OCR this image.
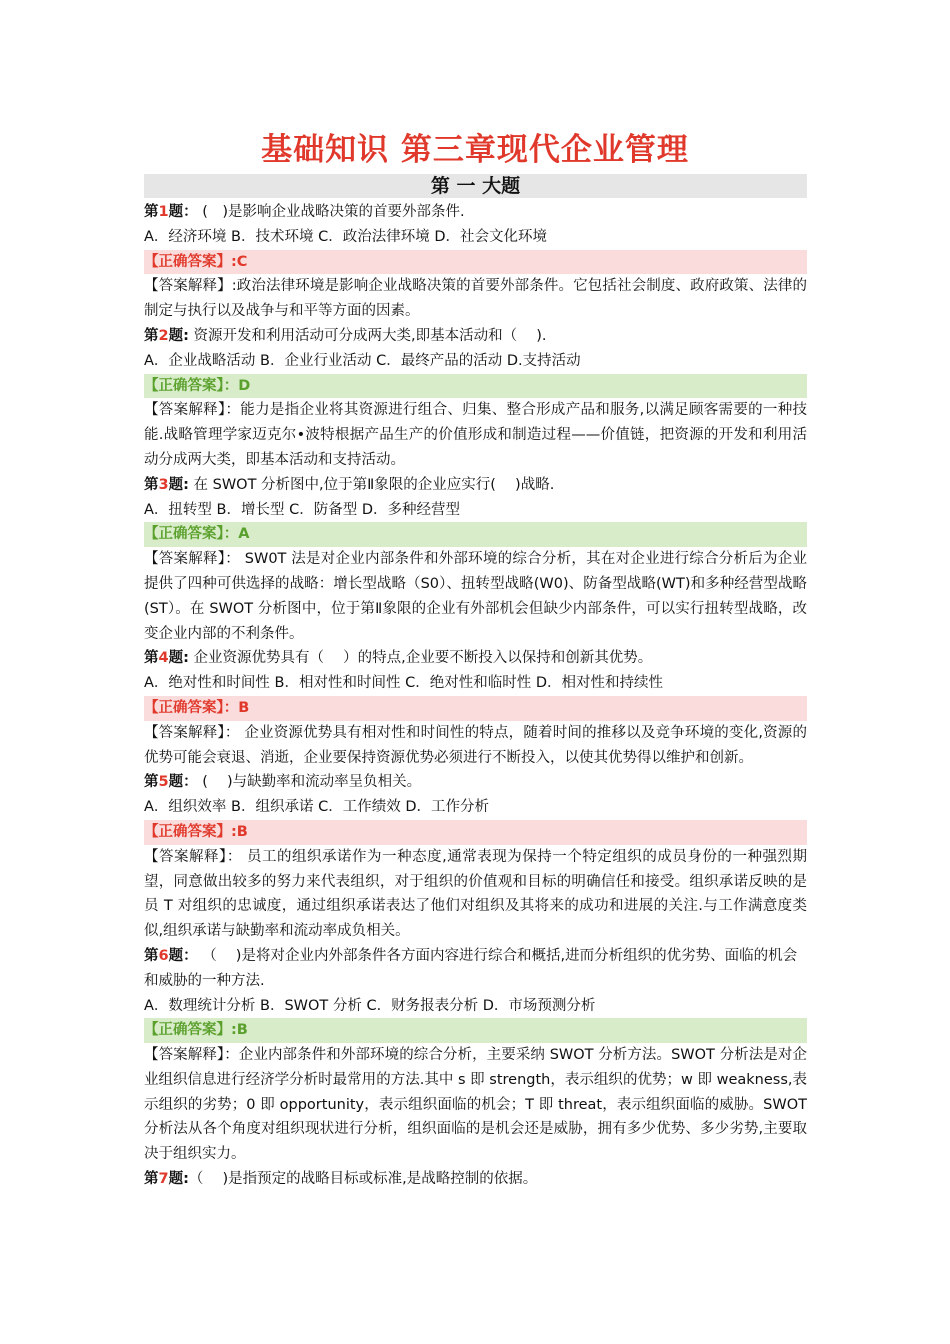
基础知识 第三章现代企业管理
第 一 大题
第1题： (　)是影响企业战略决策的首要外部条件.
A．经济环境 B．技术环境 C．政治法律环境 D．社会文化环境
【正确答案】:C
【答案解释】:政治法律环境是影响企业战略决策的首要外部条件。它包括社会制度、政府政策、法律的制定与执行以及战争与和平等方面的因素。
第2题: 资源开发和利用活动可分成两大类,即基本活动和（　 ).
A．企业战略活动 B．企业行业活动 C．最终产品的活动 D.支持活动
【正确答案】：D
【答案解释】：能力是指企业将其资源进行组合、归集、整合形成产品和服务,以满足顾客需要的一种技能.战略管理学家迈克尔•波特根据产品生产的价值形成和制造过程——价值链，把资源的开发和利用活动分成两大类，即基本活动和支持活动。
第3题: 在 SWOT 分析图中,位于第Ⅱ象限的企业应实行(　 )战略.
A．扭转型 B．增长型 C．防备型 D．多种经营型
【正确答案】：A
【答案解释】： SW0T 法是对企业内部条件和外部环境的综合分析，其在对企业进行综合分析后为企业提供了四种可供选择的战略：增长型战略（S0）、扭转型战略(W0)、防备型战略(WT)和多种经营型战略(ST）。在 SWOT 分析图中，位于第Ⅱ象限的企业有外部机会但缺少内部条件，可以实行扭转型战略，改变企业内部的不利条件。
第4题: 企业资源优势具有（　 ）的特点,企业要不断投入以保持和创新其优势。
A．绝对性和时间性 B．相对性和时间性 C．绝对性和临时性 D．相对性和持续性
【正确答案】：B
【答案解释】： 企业资源优势具有相对性和时间性的特点，随着时间的推移以及竞争环境的变化,资源的优势可能会衰退、消逝，企业要保持资源优势必须进行不断投入，以使其优势得以维护和创新。
第5题： (　 )与缺勤率和流动率呈负相关。
A．组织效率 B．组织承诺 C．工作绩效 D．工作分析
【正确答案】:B
【答案解释】： 员工的组织承诺作为一种态度,通常表现为保持一个特定组织的成员身份的一种强烈期望，同意做出较多的努力来代表组织，对于组织的价值观和目标的明确信任和接受。组织承诺反映的是员 T 对组织的忠诚度，通过组织承诺表达了他们对组织及其将来的成功和进展的关注.与工作满意度类似,组织承诺与缺勤率和流动率成负相关。
第6题： （　 )是将对企业内外部条件各方面内容进行综合和概括,进而分析组织的优劣势、面临的机会和威胁的一种方法.
A．数理统计分析 B．SWOT 分析 C．财务报表分析 D．市场预测分析
【正确答案】:B
【答案解释】：企业内部条件和外部环境的综合分析，主要采纳 SWOT 分析方法。SWOT 分析法是对企业组织信息进行经济学分析时最常用的方法.其中 s 即 strength，表示组织的优势；w 即 weakness,表示组织的劣势；0 即 opportunity，表示组织面临的机会；T 即 threat，表示组织面临的威胁。SWOT 分析法从各个角度对组织现状进行分析，组织面临的是机会还是威胁，拥有多少优势、多少劣势,主要取决于组织实力。
第7题:（　 )是指预定的战略目标或标准,是战略控制的依据。
